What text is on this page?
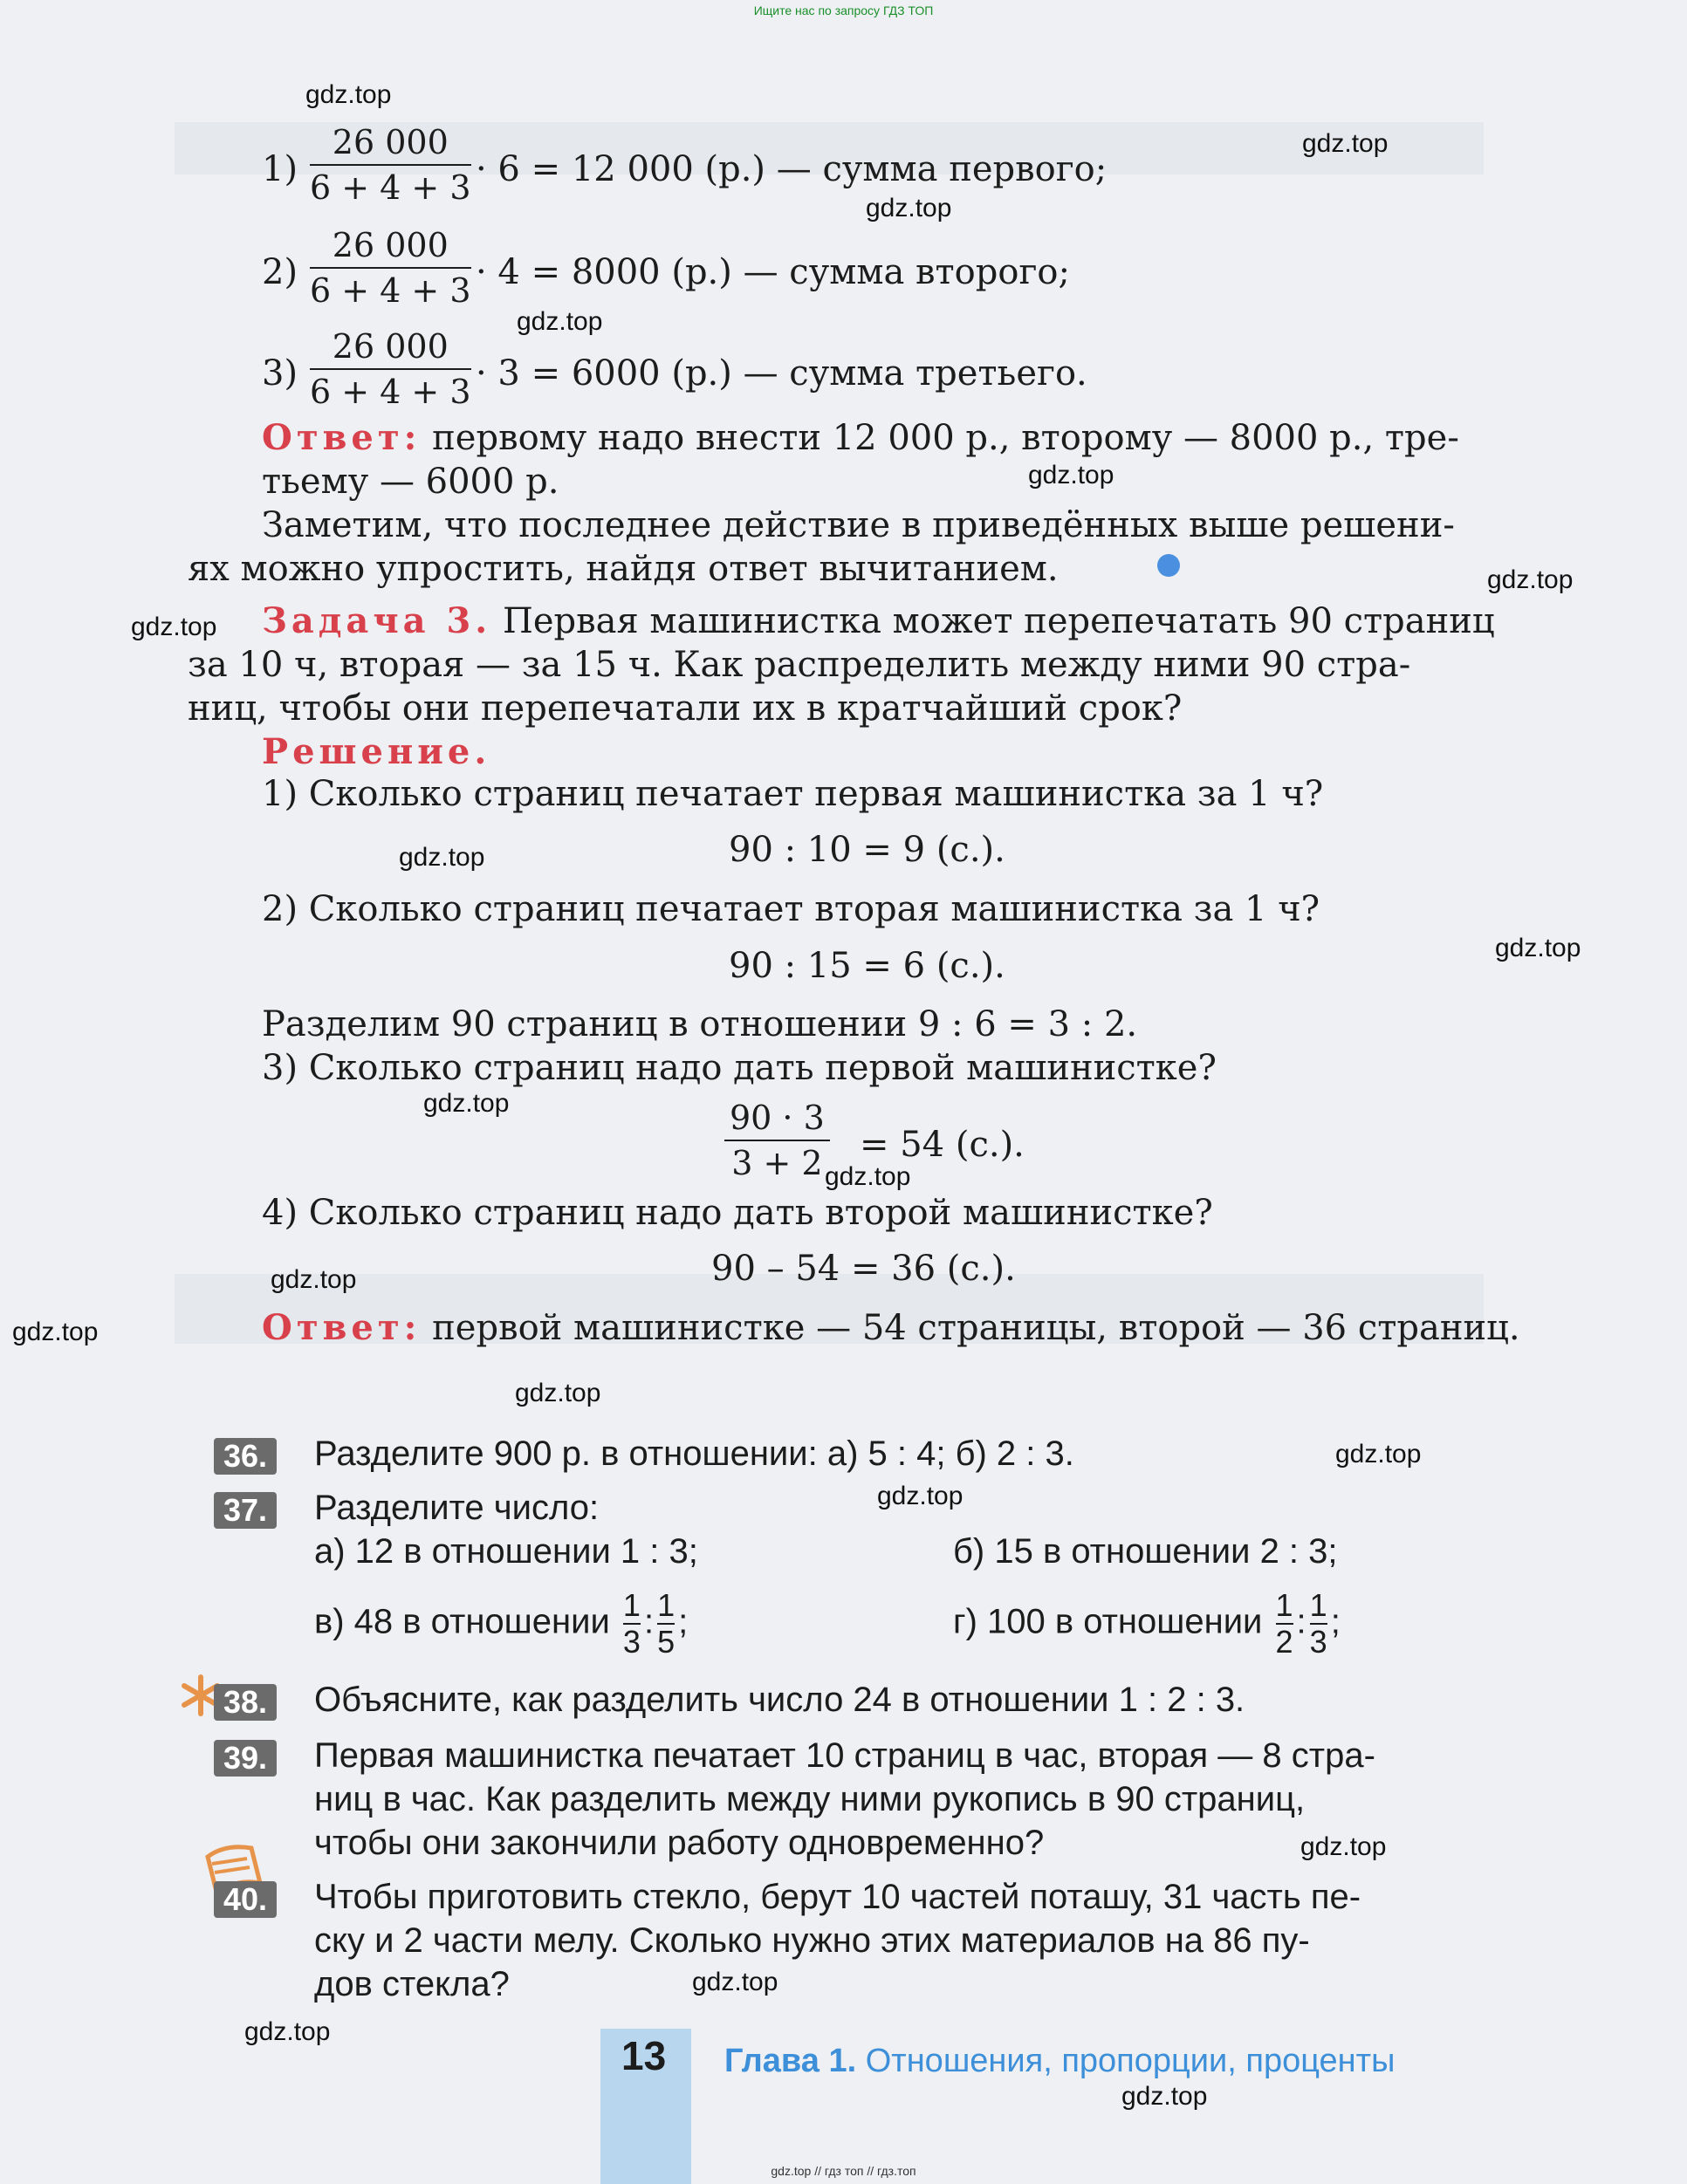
Ищите нас по запросу ГДЗ ТОП
$1) \frac{26 000}{6 + 4 + 3} \cdot 6 = 12$ 000 (р.) — сумма первого;
$2) \frac{26 000}{6 + 4 + 3} \cdot 4 = 8000$ (р.) — сумма второго;
$3) \frac{26 000}{6 + 4 + 3} \cdot 3 = 6000$ (р.) — сумма третьего.
Ответ: первому надо внести 12 000 р., второму — 8000 р., тре-
тьему — 6000 р.
Заметим, что последнее действие в приведённых выше решени-
ях можно упростить, найдя ответ вычитанием.
Задача 3. Первая машинистка может перепечатать 90 страниц
за 10 ч, вторая — за 15 ч. Как распределить между ними 90 стра-
ниц, чтобы они перепечатали их в кратчайший срок?
Решение.
1) Сколько страниц печатает первая машинистка за 1 ч?
90 : 10 = 9 (с.).
2) Сколько страниц печатает вторая машинистка за 1 ч?
90 : 15 = 6 (с.).
Разделим 90 страниц в отношении 9 : 6 = 3 : 2.
3) Сколько страниц надо дать первой машинистке?
$\frac{90 \cdot 3}{3 + 2} = 54$ (с.).
4) Сколько страниц надо дать второй машинистке?
90 – 54 = 36 (с.).
Ответ: первой машинистке — 54 страницы, второй — 36 страниц.
36. Разделите 900 р. в отношении: а) 5 : 4; б) 2 : 3.
37. Разделите число:
а) 12 в отношении 1 : 3;	б) 15 в отношении 2 : 3;
в) 48 в отношении $\frac{1}{3}$ : $\frac{1}{5}$ ;	г) 100 в отношении $\frac{1}{2}$ : $\frac{1}{3}$ ;
38. Объясните, как разделить число 24 в отношении 1 : 2 : 3.
39. Первая машинистка печатает 10 страниц в час, вторая — 8 стра-
ниц в час. Как разделить между ними рукопись в 90 страниц,
чтобы они закончили работу одновременно?
40. Чтобы приготовить стекло, берут 10 частей поташу, 31 часть пе-
ску и 2 части мелу. Сколько нужно этих материалов на 86 пу-
дов стекла?
13 Глава 1. Отношения, пропорции, проценты
gdz.top
gdz.top
gdz.top
gdz.top
gdz.top
gdz.top
gdz.top
gdz.top
gdz.top
gdz.top
gdz.top
gdz.top
gdz.top
gdz.top
gdz.top
gdz.top
gdz.top
gdz.top
gdz.top
gdz.top
gdz.top // гдз топ // гдз.топ
